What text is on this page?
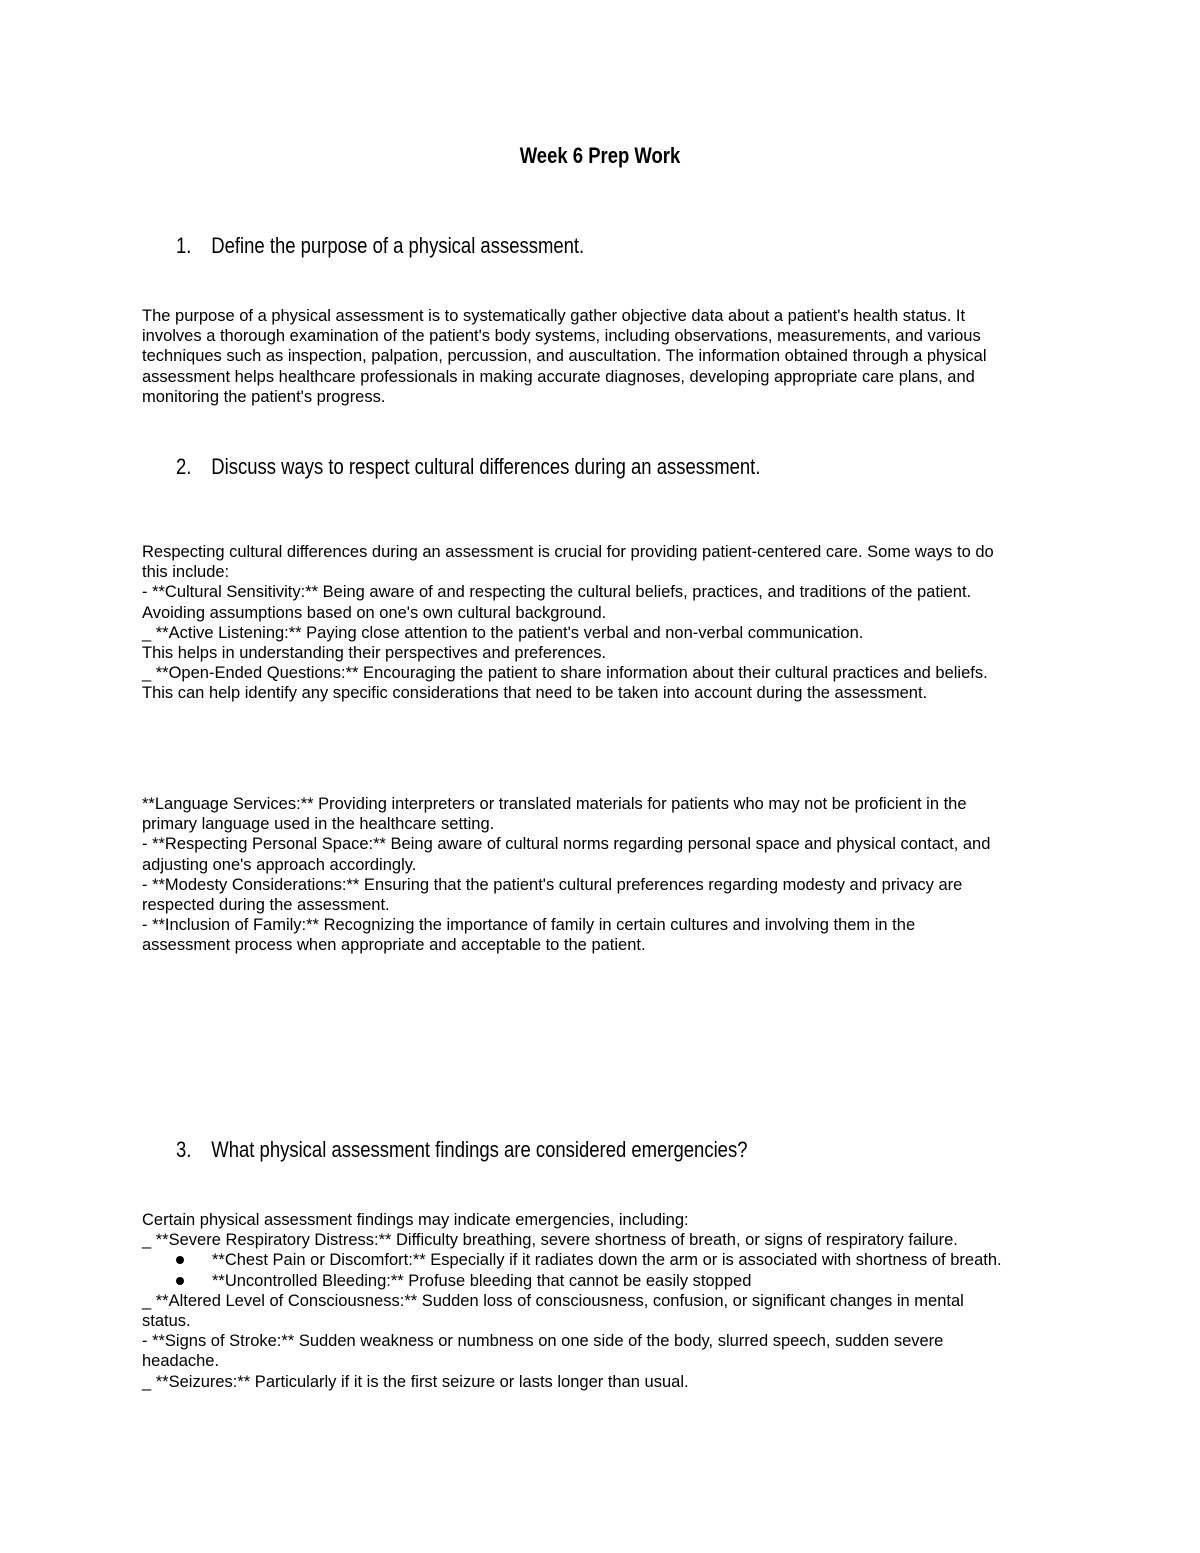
Week 6 Prep Work
1. Define the purpose of a physical assessment.
The purpose of a physical assessment is to systematically gather objective data about a patient's health status. It
involves a thorough examination of the patient's body systems, including observations, measurements, and various
techniques such as inspection, palpation, percussion, and auscultation. The information obtained through a physical
assessment helps healthcare professionals in making accurate diagnoses, developing appropriate care plans, and
monitoring the patient's progress.
2. Discuss ways to respect cultural differences during an assessment.
Respecting cultural differences during an assessment is crucial for providing patient-centered care. Some ways to do
this include:
- **Cultural Sensitivity:** Being aware of and respecting the cultural beliefs, practices, and traditions of the patient.
Avoiding assumptions based on one's own cultural background.
_ **Active Listening:** Paying close attention to the patient's verbal and non-verbal communication.
This helps in understanding their perspectives and preferences.
_ **Open-Ended Questions:** Encouraging the patient to share information about their cultural practices and beliefs.
This can help identify any specific considerations that need to be taken into account during the assessment.
**Language Services:** Providing interpreters or translated materials for patients who may not be proficient in the
primary language used in the healthcare setting.
- **Respecting Personal Space:** Being aware of cultural norms regarding personal space and physical contact, and
adjusting one's approach accordingly.
- **Modesty Considerations:** Ensuring that the patient's cultural preferences regarding modesty and privacy are
respected during the assessment.
- **Inclusion of Family:** Recognizing the importance of family in certain cultures and involving them in the
assessment process when appropriate and acceptable to the patient.
3. What physical assessment findings are considered emergencies?
Certain physical assessment findings may indicate emergencies, including:
_ **Severe Respiratory Distress:** Difficulty breathing, severe shortness of breath, or signs of respiratory failure.
**Chest Pain or Discomfort:** Especially if it radiates down the arm or is associated with shortness of breath.
**Uncontrolled Bleeding:** Profuse bleeding that cannot be easily stopped
_ **Altered Level of Consciousness:** Sudden loss of consciousness, confusion, or significant changes in mental
status.
- **Signs of Stroke:** Sudden weakness or numbness on one side of the body, slurred speech, sudden severe
headache.
_ **Seizures:** Particularly if it is the first seizure or lasts longer than usual.
